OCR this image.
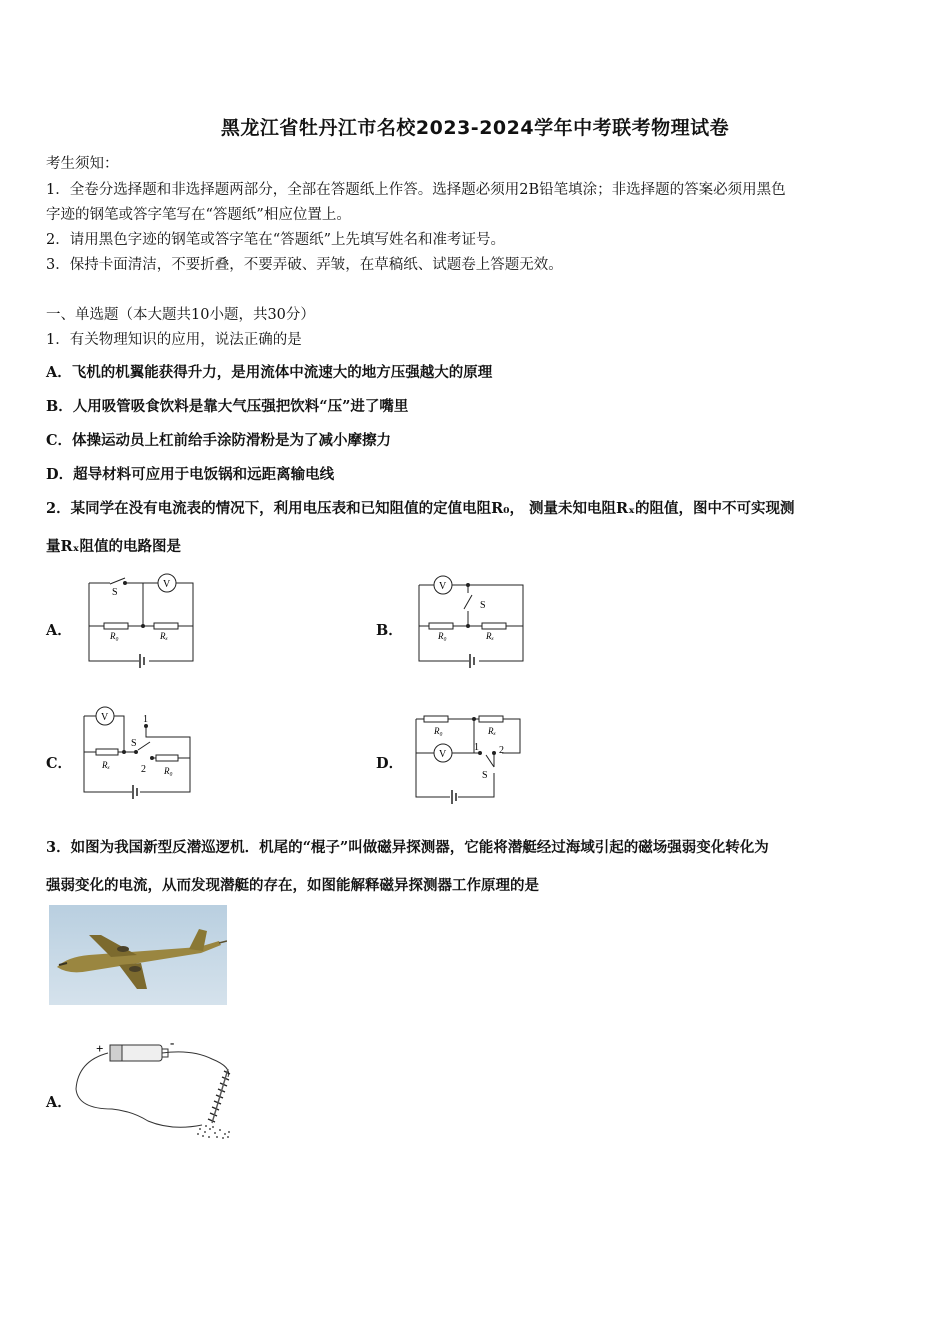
黑龙江省牡丹江市名校2023-2024学年中考联考物理试卷
考生须知：
1．全卷分选择题和非选择题两部分，全部在答题纸上作答。选择题必须用2B铅笔填涂；非选择题的答案必须用黑色
字迹的钢笔或答字笔写在“答题纸”相应位置上。
2．请用黑色字迹的钢笔或答字笔在“答题纸”上先填写姓名和准考证号。
3．保持卡面清洁，不要折叠，不要弄破、弄皱，在草稿纸、试题卷上答题无效。
一、单选题（本大题共10小题，共30分）
1．有关物理知识的应用，说法正确的是
A．飞机的机翼能获得升力，是用流体中流速大的地方压强越大的原理
B．人用吸管吸食饮料是靠大气压强把饮料“压”进了嘴里
C．体操运动员上杠前给手涂防滑粉是为了减小摩擦力
D．超导材料可应用于电饭锅和远距离输电线
2．某同学在没有电流表的情况下，利用电压表和已知阻值的定值电阻R₀， 测量未知电阻Rₓ的阻值，图中不可实现测
量Rₓ阻值的电路图是
A．	B．
C．	D．
S
V
R₀	Rₓ
V
S
R₀	Rₓ
V	1
S
2
Rₓ
R₀
R₀	Rₓ
V
1 2
S
3．如图为我国新型反潜巡逻机．机尾的“棍子”叫做磁异探测器，它能将潜艇经过海域引起的磁场强弱变化转化为
强弱变化的电流，从而发现潜艇的存在，如图能解释磁异探测器工作原理的是
A．
+	-
